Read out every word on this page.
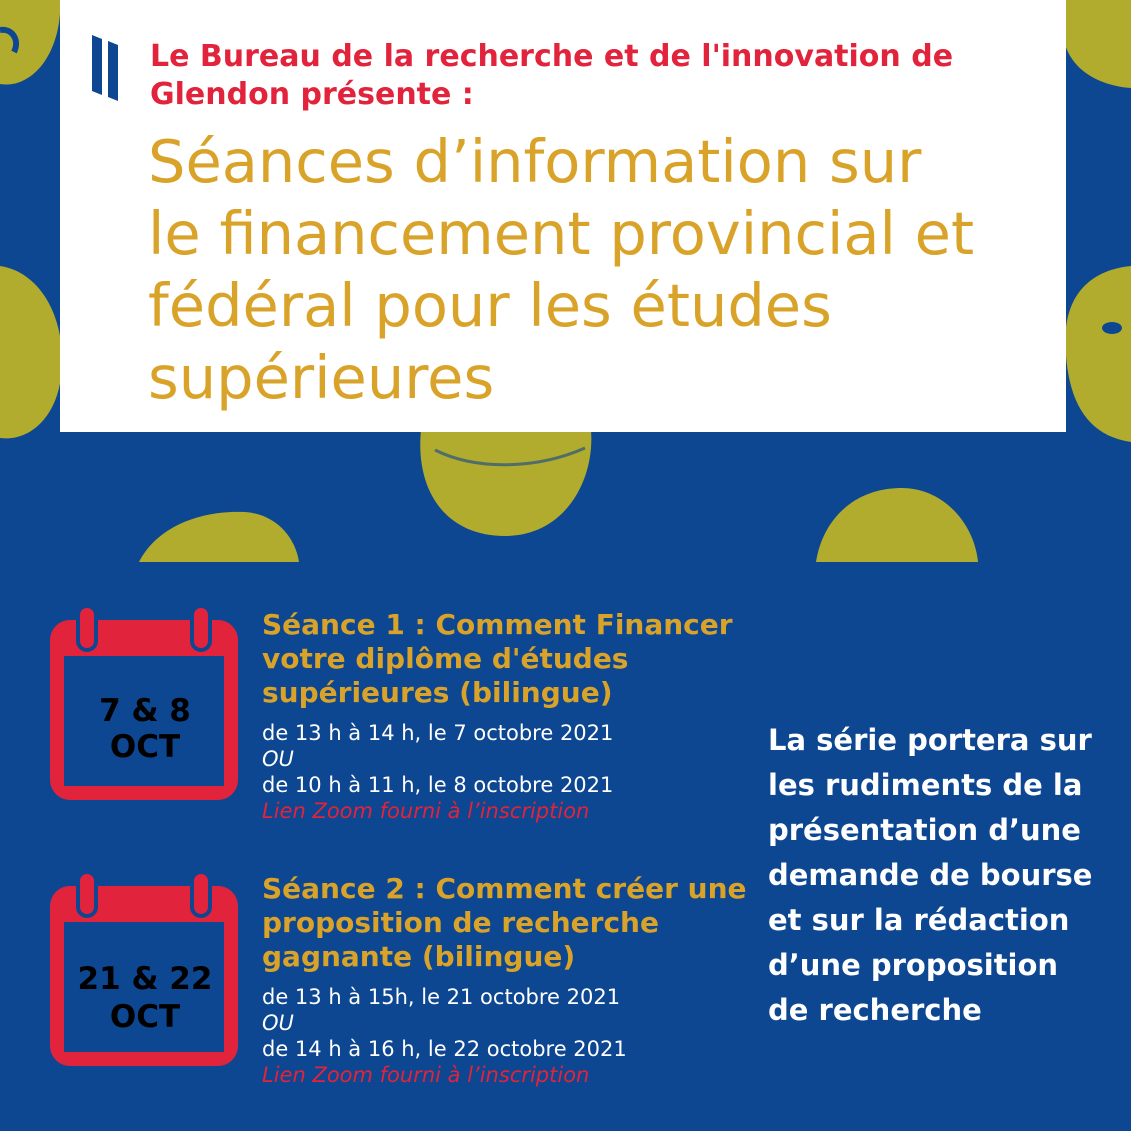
Le Bureau de la recherche et de l'innovation de
Glendon présente :
Séances d’information sur
le financement provincial et
fédéral pour les études
supérieures
7 & 8
OCT
Séance 1 : Comment Financer
votre diplôme d'études
supérieures (bilingue)
de 13 h à 14 h, le 7 octobre 2021
OU
de 10 h à 11 h, le 8 octobre 2021
Lien Zoom fourni à l’inscription
21 & 22
OCT
Séance 2 : Comment créer une
proposition de recherche
gagnante (bilingue)
de 13 h à 15h, le 21 octobre 2021
OU
de 14 h à 16 h, le 22 octobre 2021
Lien Zoom fourni à l’inscription
La série portera sur
les rudiments de la
présentation d’une
demande de bourse
et sur la rédaction
d’une proposition
de recherche
